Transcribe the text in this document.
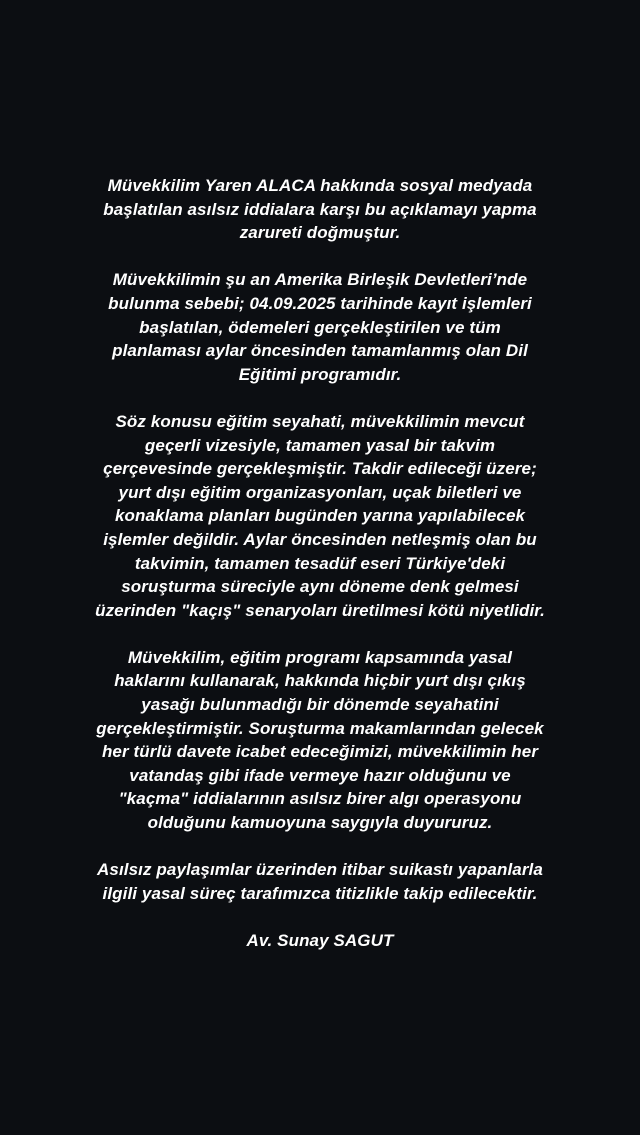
Müvekkilim Yaren ALACA hakkında sosyal medyada
başlatılan asılsız iddialara karşı bu açıklamayı yapma
zarureti doğmuştur.
Müvekkilimin şu an Amerika Birleşik Devletleri’nde
bulunma sebebi; 04.09.2025 tarihinde kayıt işlemleri
başlatılan, ödemeleri gerçekleştirilen ve tüm
planlaması aylar öncesinden tamamlanmış olan Dil
Eğitimi programıdır.
Söz konusu eğitim seyahati, müvekkilimin mevcut
geçerli vizesiyle, tamamen yasal bir takvim
çerçevesinde gerçekleşmiştir. Takdir edileceği üzere;
yurt dışı eğitim organizasyonları, uçak biletleri ve
konaklama planları bugünden yarına yapılabilecek
işlemler değildir. Aylar öncesinden netleşmiş olan bu
takvimin, tamamen tesadüf eseri Türkiye'deki
soruşturma süreciyle aynı döneme denk gelmesi
üzerinden "kaçış" senaryoları üretilmesi kötü niyetlidir.
Müvekkilim, eğitim programı kapsamında yasal
haklarını kullanarak, hakkında hiçbir yurt dışı çıkış
yasağı bulunmadığı bir dönemde seyahatini
gerçekleştirmiştir. Soruşturma makamlarından gelecek
her türlü davete icabet edeceğimizi, müvekkilimin her
vatandaş gibi ifade vermeye hazır olduğunu ve
"kaçma" iddialarının asılsız birer algı operasyonu
olduğunu kamuoyuna saygıyla duyururuz.
Asılsız paylaşımlar üzerinden itibar suikastı yapanlarla
ilgili yasal süreç tarafımızca titizlikle takip edilecektir.
Av. Sunay SAGUT
